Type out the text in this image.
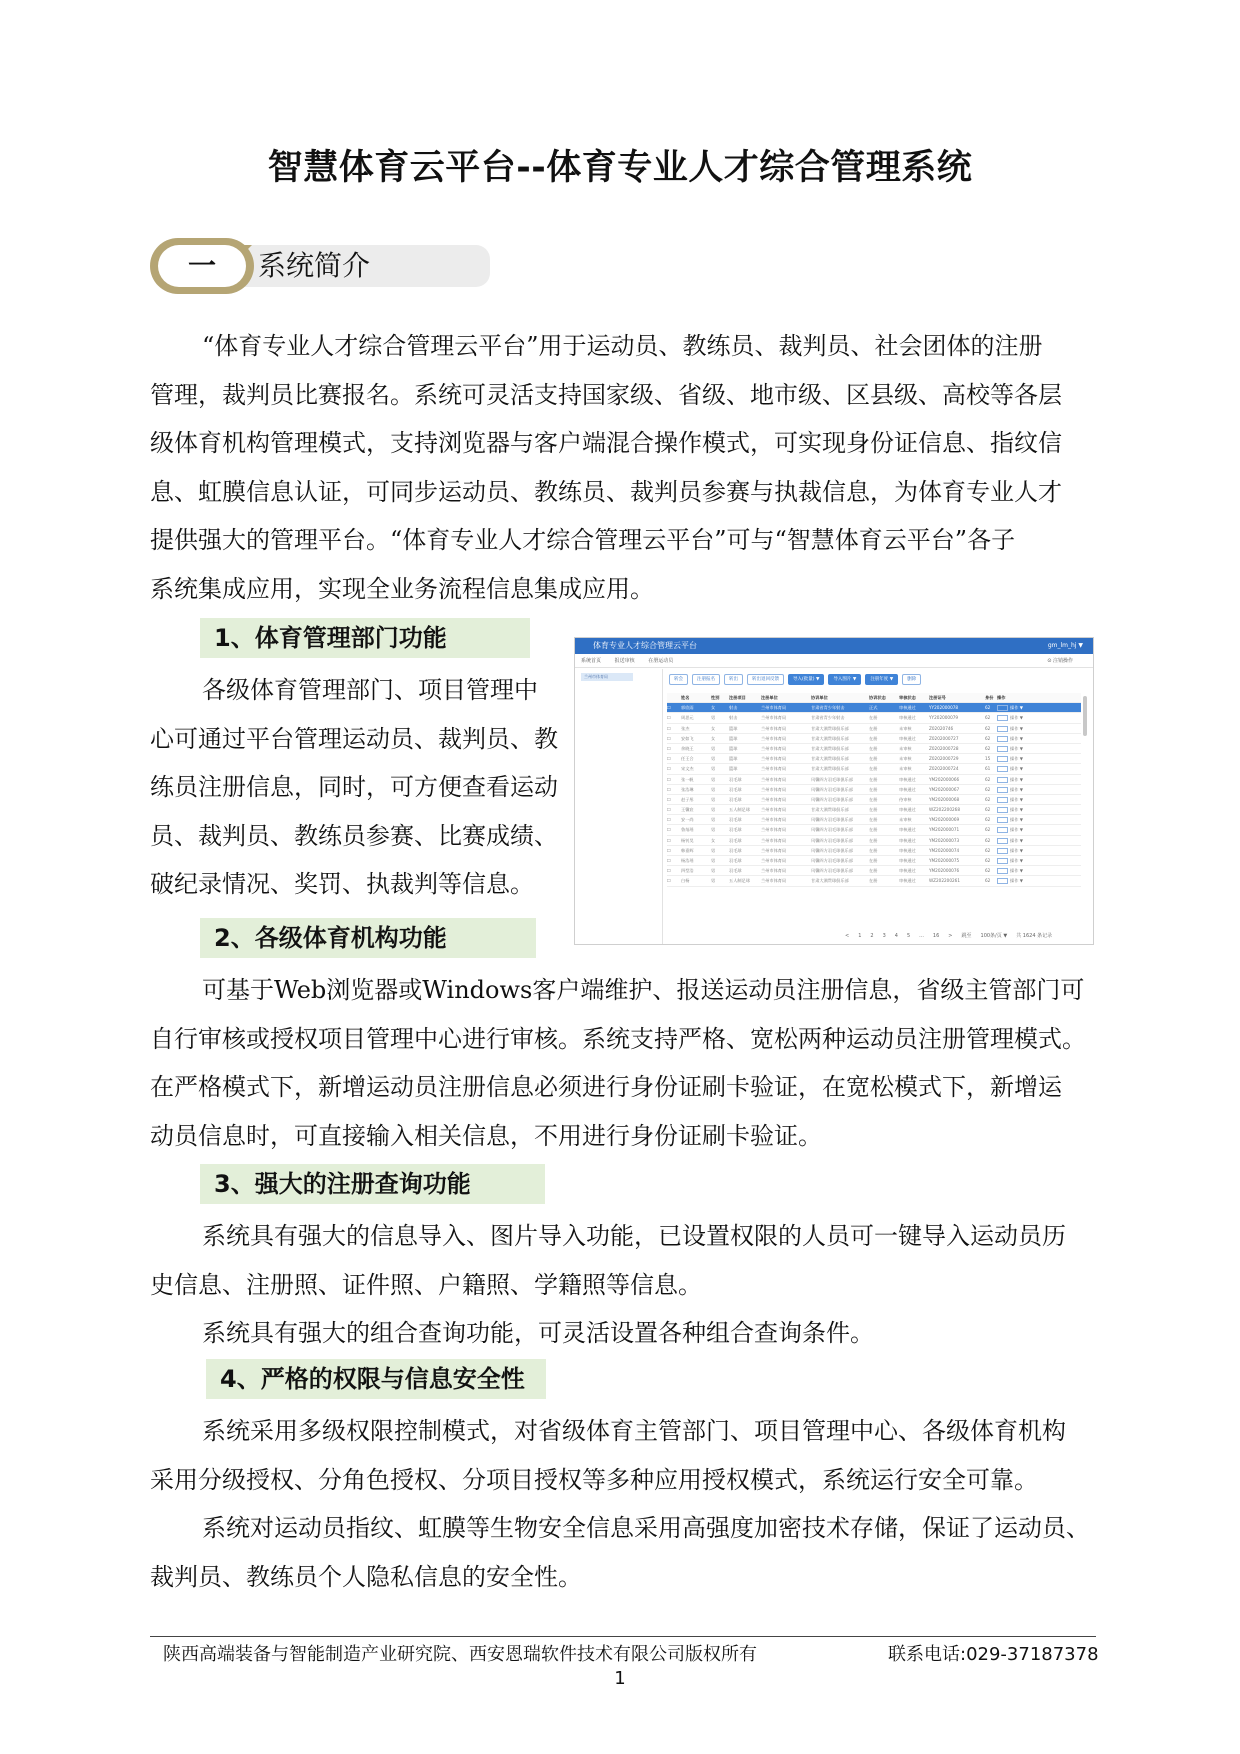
智慧体育云平台--体育专业人才综合管理系统
一	系统简介
“体育专业人才综合管理云平台”用于运动员、教练员、裁判员、社会团体的注册
管理，裁判员比赛报名。系统可灵活支持国家级、省级、地市级、区县级、高校等各层
级体育机构管理模式，支持浏览器与客户端混合操作模式，可实现身份证信息、指纹信
息、虹膜信息认证，可同步运动员、教练员、裁判员参赛与执裁信息，为体育专业人才
提供强大的管理平台。“体育专业人才综合管理云平台”可与“智慧体育云平台”各子
系统集成应用，实现全业务流程信息集成应用。
1、体育管理部门功能
各级体育管理部门、项目管理中
心可通过平台管理运动员、裁判员、教
练员注册信息，同时，可方便查看运动
员、裁判员、教练员参赛、比赛成绩、
破纪录情况、奖罚、执裁判等信息。
体育专业人才综合管理云平台	gm_lm_hj ▼
系统首页	报送审核	在册运动员	⊙ 注销操作
兰州市体育局
转会	注册报名	转出	转出退回反馈	导入(批量) ▼	导入图片 ▼	注册年度 ▼	删除
姓名	性别 注册项目	注册单位	协训单位	协训状态	审核状态	注册证号	身份 操作
☐ 郭欣雨	女	射击	兰州市体育局	甘肃省青少年射击	正式	审核通过	YY202000078	62	操作 ▼
☐ 周思元	男	射击	兰州市体育局	甘肃省青少年射击	在册	审核通过	YY202000079	62	操作 ▼
☐ 张杰	女	篮球	兰州市体育局	甘肃大满贯球俱乐部	在册	未审核	Z02020746	62	操作 ▼
☐ 安如飞	女	篮球	兰州市体育局	甘肃大满贯球俱乐部	在册	审核通过	Z0202000727	62	操作 ▼
☐ 余晓王	男	篮球	兰州市体育局	甘肃大满贯球俱乐部	在册	未审核	Z0202000728	62	操作 ▼
☐ 任王合	男	篮球	兰州市体育局	甘肃大满贯球俱乐部	在册	未审核	Z0202000729	15	操作 ▼
☐ 宋文杰	男	篮球	兰州市体育局	甘肃大满贯球俱乐部	在册	未审核	Z0202000724	61	操作 ▼
☐ 张一帆	男	羽毛球	兰州市体育局	风馨四方羽毛球俱乐部	在册	审核通过	YM202000066	62	操作 ▼
☐ 张浩琳	男	羽毛球	兰州市体育局	风馨四方羽毛球俱乐部	在册	审核通过	YM202000067	62	操作 ▼
☐ 赵子彤	男	羽毛球	兰州市体育局	风馨四方羽毛球俱乐部	在册	待审核	YM202000068	62	操作 ▼
☐ 王馨宸	男	五人制足球	兰州市体育局	甘肃大满贯球俱乐部	在册	审核通过	WZ202200268	62	操作 ▼
☐ 安一尚	男	羽毛球	兰州市体育局	风馨四方羽毛球俱乐部	在册	未审核	YM202000069	62	操作 ▼
☐ 鲁灿瑶	男	羽毛球	兰州市体育局	风馨四方羽毛球俱乐部	在册	审核通过	YM202000071	62	操作 ▼
☐ 杨钊昊	女	羽毛球	兰州市体育局	风馨四方羽毛球俱乐部	在册	审核通过	YM202000073	62	操作 ▼
☐ 韩嘉辉	男	羽毛球	兰州市体育局	风馨四方羽毛球俱乐部	在册	审核通过	YM202000074	62	操作 ▼
☐ 杨浩瑶	男	羽毛球	兰州市体育局	风馨四方羽毛球俱乐部	在册	审核通过	YM202000075	62	操作 ▼
☐ 四型浩	男	羽毛球	兰州市体育局	风馨四方羽毛球俱乐部	在册	审核通过	YM202000076	62	操作 ▼
☐ 白杨	男	五人制足球	兰州市体育局	甘肃大满贯球俱乐部	在册	审核通过	WZ202200261	62	操作 ▼
< 1 2 3 4 5 ... 16 > 跳至 100条/页 ▼ 共 1624 条记录
2、各级体育机构功能
可基于Web浏览器或Windows客户端维护、报送运动员注册信息，省级主管部门可
自行审核或授权项目管理中心进行审核。系统支持严格、宽松两种运动员注册管理模式。
在严格模式下，新增运动员注册信息必须进行身份证刷卡验证，在宽松模式下，新增运
动员信息时，可直接输入相关信息，不用进行身份证刷卡验证。
3、强大的注册查询功能
系统具有强大的信息导入、图片导入功能，已设置权限的人员可一键导入运动员历
史信息、注册照、证件照、户籍照、学籍照等信息。
系统具有强大的组合查询功能，可灵活设置各种组合查询条件。
4、严格的权限与信息安全性
系统采用多级权限控制模式，对省级体育主管部门、项目管理中心、各级体育机构
采用分级授权、分角色授权、分项目授权等多种应用授权模式，系统运行安全可靠。
系统对运动员指纹、虹膜等生物安全信息采用高强度加密技术存储，保证了运动员、
裁判员、教练员个人隐私信息的安全性。
陕西高端装备与智能制造产业研究院、西安恩瑞软件技术有限公司版权所有	联系电话:029-37187378
1
